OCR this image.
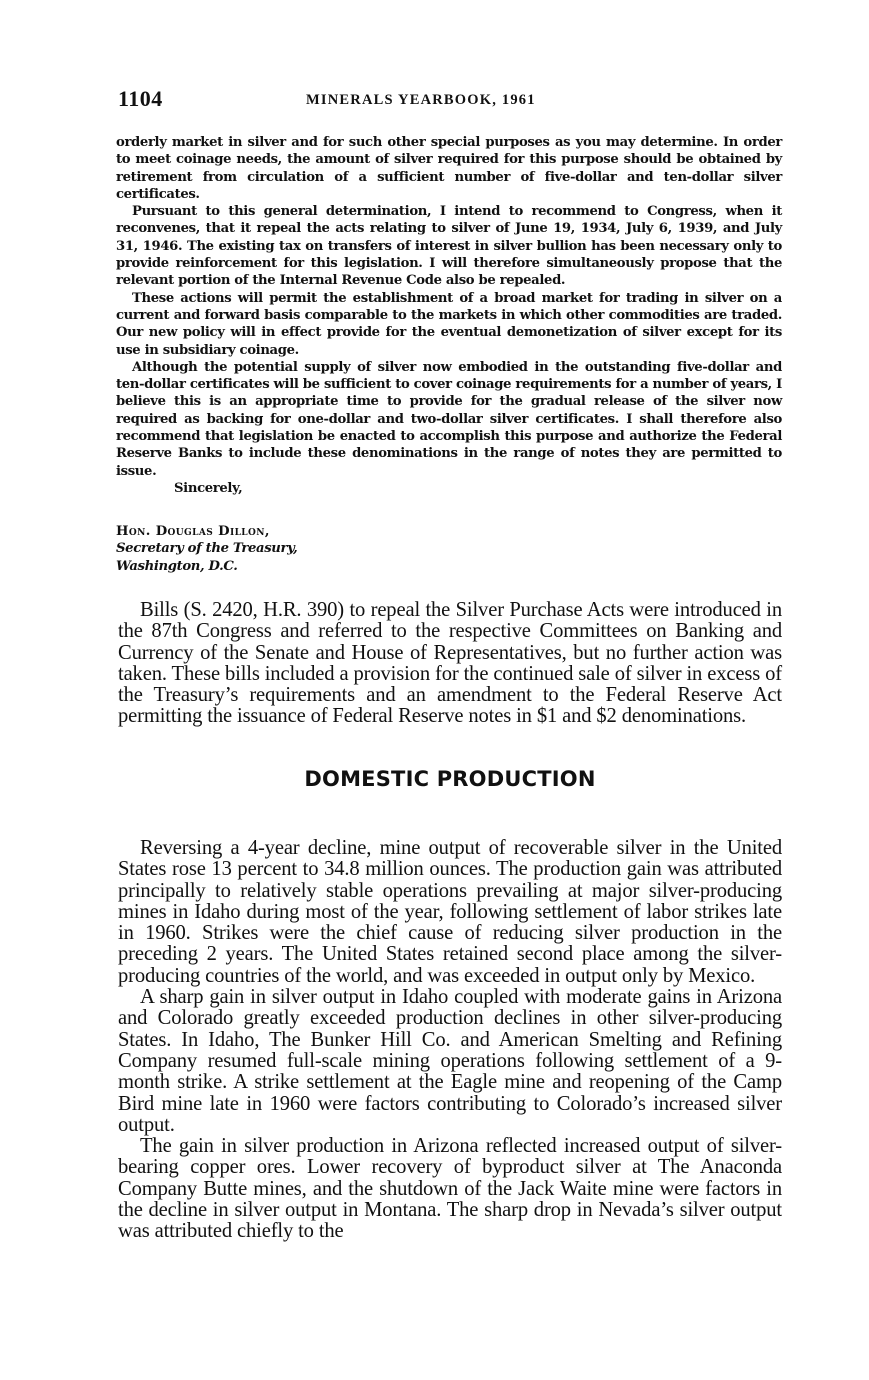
1104	MINERALS YEARBOOK, 1961

orderly market in silver and for such other special purposes as you may determine. In order to meet coinage needs, the amount of silver required for this purpose should be obtained by retirement from circulation of a sufficient number of five-dollar and ten-dollar silver certificates.

Pursuant to this general determination, I intend to recommend to Congress, when it reconvenes, that it repeal the acts relating to silver of June 19, 1934, July 6, 1939, and July 31, 1946. The existing tax on transfers of interest in silver bullion has been necessary only to provide reinforcement for this legislation. I will therefore simultaneously propose that the relevant portion of the Internal Revenue Code also be repealed.

These actions will permit the establishment of a broad market for trading in silver on a current and forward basis comparable to the markets in which other commodities are traded. Our new policy will in effect provide for the eventual demonetization of silver except for its use in subsidiary coinage.

Although the potential supply of silver now embodied in the outstanding five-dollar and ten-dollar certificates will be sufficient to cover coinage requirements for a number of years, I believe this is an appropriate time to provide for the gradual release of the silver now required as backing for one-dollar and two-dollar silver certificates. I shall therefore also recommend that legislation be enacted to accomplish this purpose and authorize the Federal Reserve Banks to include these denominations in the range of notes they are permitted to issue.

Sincerely,
Hon. Douglas Dillon,
Secretary of the Treasury,
Washington, D.C.

Bills (S. 2420, H.R. 390) to repeal the Silver Purchase Acts were introduced in the 87th Congress and referred to the respective Committees on Banking and Currency of the Senate and House of Representatives, but no further action was taken. These bills included a provision for the continued sale of silver in excess of the Treasury’s requirements and an amendment to the Federal Reserve Act permitting the issuance of Federal Reserve notes in $1 and $2 denominations.

DOMESTIC PRODUCTION

Reversing a 4-year decline, mine output of recoverable silver in the United States rose 13 percent to 34.8 million ounces. The production gain was attributed principally to relatively stable operations prevailing at major silver-producing mines in Idaho during most of the year, following settlement of labor strikes late in 1960. Strikes were the chief cause of reducing silver production in the preceding 2 years. The United States retained second place among the silver-producing countries of the world, and was exceeded in output only by Mexico.

A sharp gain in silver output in Idaho coupled with moderate gains in Arizona and Colorado greatly exceeded production declines in other silver-producing States. In Idaho, The Bunker Hill Co. and American Smelting and Refining Company resumed full-scale mining operations following settlement of a 9-month strike. A strike settlement at the Eagle mine and reopening of the Camp Bird mine late in 1960 were factors contributing to Colorado’s increased silver output.

The gain in silver production in Arizona reflected increased output of silver-bearing copper ores. Lower recovery of byproduct silver at The Anaconda Company Butte mines, and the shutdown of the Jack Waite mine were factors in the decline in silver output in Montana. The sharp drop in Nevada’s silver output was attributed chiefly to the
